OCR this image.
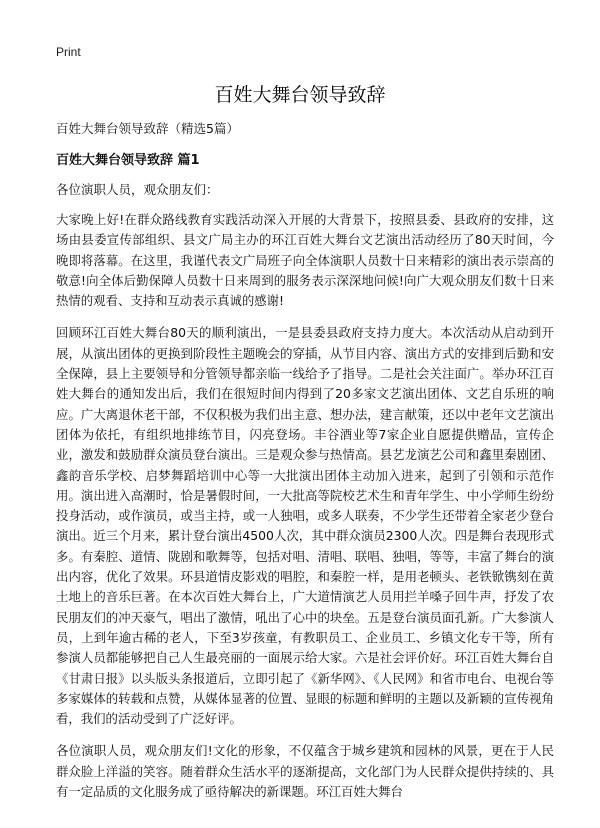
Print
百姓大舞台领导致辞

百姓大舞台领导致辞（精选5篇）

百姓大舞台领导致辞 篇1

各位演职人员，观众朋友们：

大家晚上好!在群众路线教育实践活动深入开展的大背景下，按照县委、县政府的安排，这场由县委宣传部组织、县文广局主办的环江百姓大舞台文艺演出活动经历了80天时间，今晚即将落幕。在这里，我谨代表文广局班子向全体演职人员数十日来精彩的演出表示崇高的敬意!向全体后勤保障人员数十日来周到的服务表示深深地问候!向广大观众朋友们数十日来热情的观看、支持和互动表示真诚的感谢!

回顾环江百姓大舞台80天的顺利演出，一是县委县政府支持力度大。本次活动从启动到开展，从演出团体的更换到阶段性主题晚会的穿插，从节目内容、演出方式的安排到后勤和安全保障，县上主要领导和分管领导都亲临一线给予了指导。二是社会关注面广。举办环江百姓大舞台的通知发出后，我们在很短时间内得到了20多家文艺演出团体、文艺自乐班的响应。广大离退休老干部，不仅积极为我们出主意、想办法，建言献策，还以中老年文艺演出团体为依托，有组织地排练节目，闪亮登场。丰谷酒业等7家企业自愿提供赠品，宣传企业，激发和鼓励群众演员登台演出。三是观众参与热情高。县艺龙演艺公司和鑫里秦剧团、鑫韵音乐学校、启梦舞蹈培训中心等一大批演出团体主动加入进来，起到了引领和示范作用。演出进入高潮时，恰是暑假时间，一大批高等院校艺术生和青年学生、中小学师生纷纷投身活动，或作演员，或当主持，或一人独唱，或多人联奏，不少学生还带着全家老少登台演出。近三个月来，累计登台演出4500人次，其中群众演员2300人次。四是舞台表现形式多。有秦腔、道情、陇剧和歌舞等，包括对唱、清唱、联唱、独唱，等等，丰富了舞台的演出内容，优化了效果。环县道情皮影戏的唱腔，和秦腔一样，是用老顿头、老铁锨镌刻在黄土地上的音乐巨著。在本次百姓大舞台上，广大道情演艺人员用拦羊嗓子回牛声，抒发了农民朋友们的冲天豪气，唱出了激情，吼出了心中的块垒。五是登台演员面孔新。广大参演人员，上到年逾古稀的老人，下至3岁孩童，有教职员工、企业员工、乡镇文化专干等，所有参演人员都能够把自己人生最亮丽的一面展示给大家。六是社会评价好。环江百姓大舞台自《甘肃日报》以头版头条报道后，立即引起了《新华网》、《人民网》和省市电台、电视台等多家媒体的转载和点赞，从媒体显著的位置、显眼的标题和鲜明的主题以及新颖的宣传视角看，我们的活动受到了广泛好评。

各位演职人员，观众朋友们!文化的形象，不仅蕴含于城乡建筑和园林的风景，更在于人民群众脸上洋溢的笑容。随着群众生活水平的逐渐提高，文化部门为人民群众提供持续的、具有一定品质的文化服务成了亟待解决的新课题。环江百姓大舞台
